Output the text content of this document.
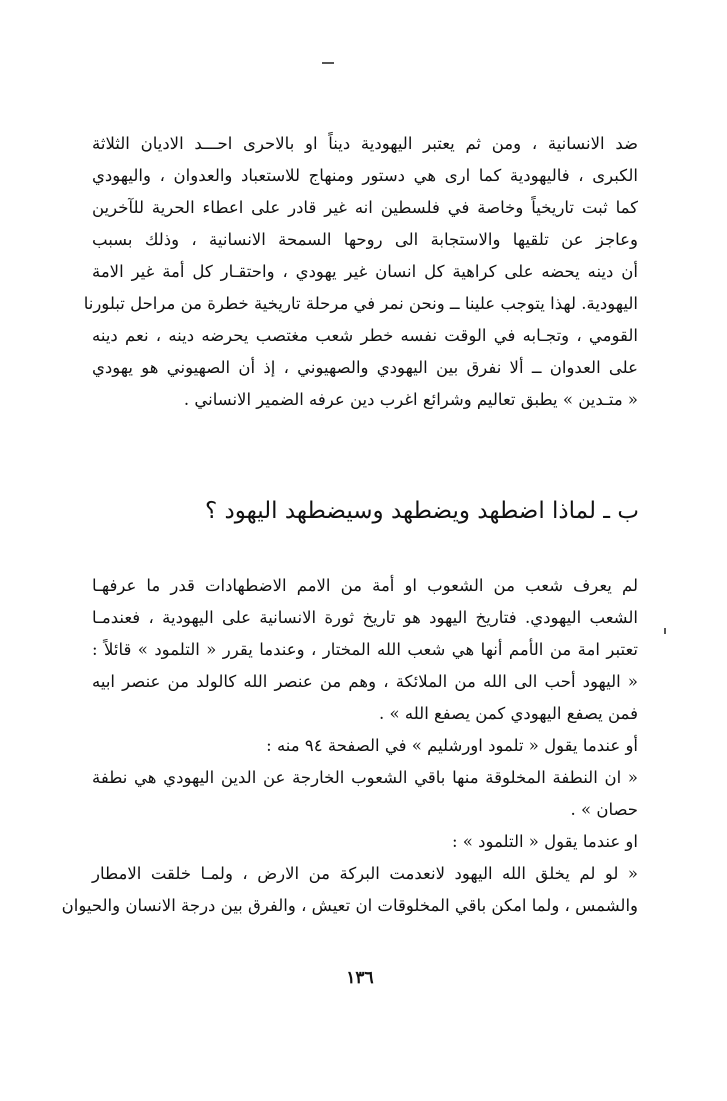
ضد الانسانية ، ومن ثم يعتبر اليهودية ديناً او بالاحرى احـــد الاديان الثلاثة
الكبرى ، فاليهودية كما ارى هي دستور ومنهاج للاستعباد والعدوان ، واليهودي
كما ثبت تاريخياً وخاصة في فلسطين انه غير قادر على اعطاء الحرية للآخرين
وعاجز عن تلقيها والاستجابة الى روحها السمحة الانسانية ، وذلك بسبب
أن دينه يحضه على كراهية كل انسان غير يهودي ، واحتقـار كل أمة غير الامة
اليهودية. لهذا يتوجب علينا ــ ونحن نمر في مرحلة تاريخية خطرة من مراحل تبلورنا
القومي ، وتجـابه في الوقت نفسه خطر شعب مغتصب يحرضه دينه ، نعم دينه
على العدوان ــ ألا نفرق بين اليهودي والصهيوني ، إذ أن الصهيوني هو يهودي
« متـدين » يطبق تعاليم وشرائع اغرب دين عرفه الضمير الانساني .
ب ـ لماذا اضطهد ويضطهد وسيضطهد اليهود ؟
لم يعرف شعب من الشعوب او أمة من الامم الاضطهادات قدر ما عرفهـا
الشعب اليهودي. فتاريخ اليهود هو تاريخ ثورة الانسانية على اليهودية ، فعندمـا
تعتبر امة من الأمم أنها هي شعب الله المختار ، وعندما يقرر « التلمود » قائلاً :
« اليهود أحب الى الله من الملائكة ، وهم من عنصر الله كالولد من عنصر ابيه
فمن يصفع اليهودي كمن يصفع الله » .
أو عندما يقول « تلمود اورشليم » في الصفحة ٩٤ منه :
« ان النطفة المخلوقة منها باقي الشعوب الخارجة عن الدين اليهودي هي نطفة
حصان » .
او عندما يقول « التلمود » :
« لو لم يخلق الله اليهود لانعدمت البركة من الارض ، ولمـا خلقت الامطار
والشمس ، ولما امكن باقي المخلوقات ان تعيش ، والفرق بين درجة الانسان والحيوان
١٣٦
